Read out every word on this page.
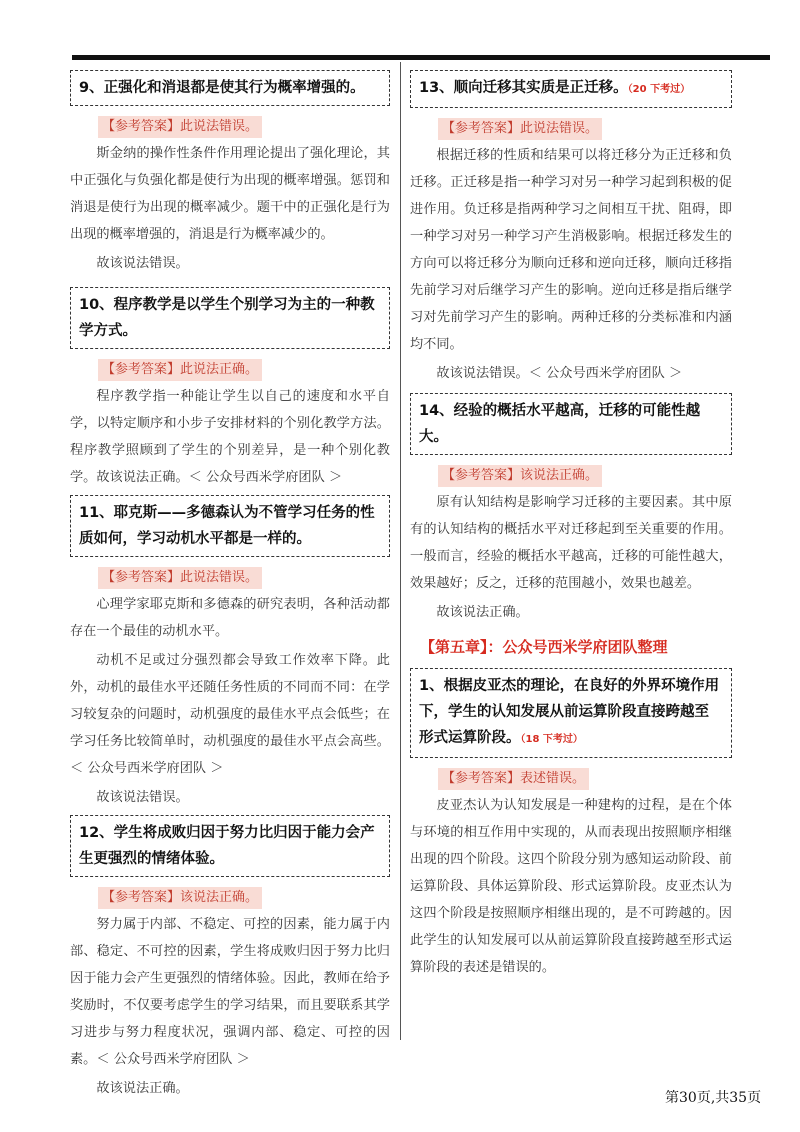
9、正强化和消退都是使其行为概率增强的。
【参考答案】此说法错误。

斯金纳的操作性条件作用理论提出了强化理论，其中正强化与负强化都是使行为出现的概率增强。惩罚和消退是使行为出现的概率减少。题干中的正强化是行为出现的概率增强的，消退是行为概率减少的。

故该说法错误。

10、程序教学是以学生个别学习为主的一种教学方式。
【参考答案】此说法正确。

程序教学指一种能让学生以自己的速度和水平自学，以特定顺序和小步子安排材料的个别化教学方法。程序教学照顾到了学生的个别差异，是一种个别化教学。故该说法正确。＜ 公众号西米学府团队 ＞

11、耶克斯——多德森认为不管学习任务的性质如何，学习动机水平都是一样的。
【参考答案】此说法错误。

心理学家耶克斯和多德森的研究表明，各种活动都存在一个最佳的动机水平。

动机不足或过分强烈都会导致工作效率下降。此外，动机的最佳水平还随任务性质的不同而不同：在学习较复杂的问题时，动机强度的最佳水平点会低些；在学习任务比较简单时，动机强度的最佳水平点会高些。＜ 公众号西米学府团队 ＞

故该说法错误。

12、学生将成败归因于努力比归因于能力会产生更强烈的情绪体验。
【参考答案】该说法正确。

努力属于内部、不稳定、可控的因素，能力属于内部、稳定、不可控的因素，学生将成败归因于努力比归因于能力会产生更强烈的情绪体验。因此，教师在给予奖励时，不仅要考虑学生的学习结果，而且要联系其学习进步与努力程度状况，强调内部、稳定、可控的因素。＜ 公众号西米学府团队 ＞

故该说法正确。

13、顺向迁移其实质是正迁移。（20 下考过）
【参考答案】此说法错误。

根据迁移的性质和结果可以将迁移分为正迁移和负迁移。正迁移是指一种学习对另一种学习起到积极的促进作用。负迁移是指两种学习之间相互干扰、阻碍，即一种学习对另一种学习产生消极影响。根据迁移发生的方向可以将迁移分为顺向迁移和逆向迁移，顺向迁移指先前学习对后继学习产生的影响。逆向迁移是指后继学习对先前学习产生的影响。两种迁移的分类标准和内涵均不同。

故该说法错误。＜ 公众号西米学府团队 ＞

14、经验的概括水平越高，迁移的可能性越大。
【参考答案】该说法正确。

原有认知结构是影响学习迁移的主要因素。其中原有的认知结构的概括水平对迁移起到至关重要的作用。一般而言，经验的概括水平越高，迁移的可能性越大，效果越好；反之，迁移的范围越小，效果也越差。

故该说法正确。

【第五章】：公众号西米学府团队整理
1、根据皮亚杰的理论，在良好的外界环境作用下，学生的认知发展从前运算阶段直接跨越至形式运算阶段。（18 下考过）
【参考答案】表述错误。

皮亚杰认为认知发展是一种建构的过程，是在个体与环境的相互作用中实现的，从而表现出按照顺序相继出现的四个阶段。这四个阶段分别为感知运动阶段、前运算阶段、具体运算阶段、形式运算阶段。皮亚杰认为这四个阶段是按照顺序相继出现的，是不可跨越的。因此学生的认知发展可以从前运算阶段直接跨越至形式运算阶段的表述是错误的。

第30页,共35页
